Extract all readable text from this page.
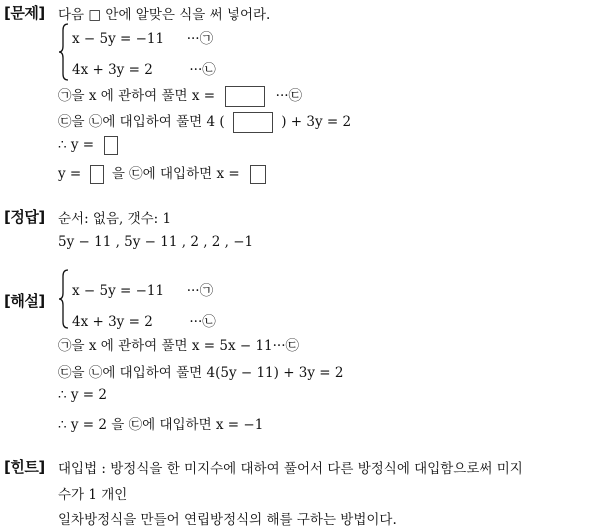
[문제] 다음 □ 안에 알맞은 식을 써 넣어라.
x − 5y = −11 ···㉠
4x + 3y = 2	···㉡
㉠을 x 에 관하여 풀면 x =	···㉢
㉢을 ㉡에 대입하여 풀면 4 (	) + 3y = 2
∴ y =
y = 을 ㉢에 대입하면 x =
[정답] 순서: 없음, 갯수: 1
5y − 11 , 5y − 11 , 2 , 2 , −1
[해설]
x − 5y = −11 ···㉠
4x + 3y = 2	···㉡
㉠을 x 에 관하여 풀면 x = 5x − 11···㉢
㉢을 ㉡에 대입하여 풀면 4(5y − 11) + 3y = 2
∴ y = 2
∴ y = 2 을 ㉢에 대입하면 x = −1
[힌트] 대입법 : 방정식을 한 미지수에 대하여 풀어서 다른 방정식에 대입함으로써 미지
수가 1 개인
일차방정식을 만들어 연립방정식의 해를 구하는 방법이다.
